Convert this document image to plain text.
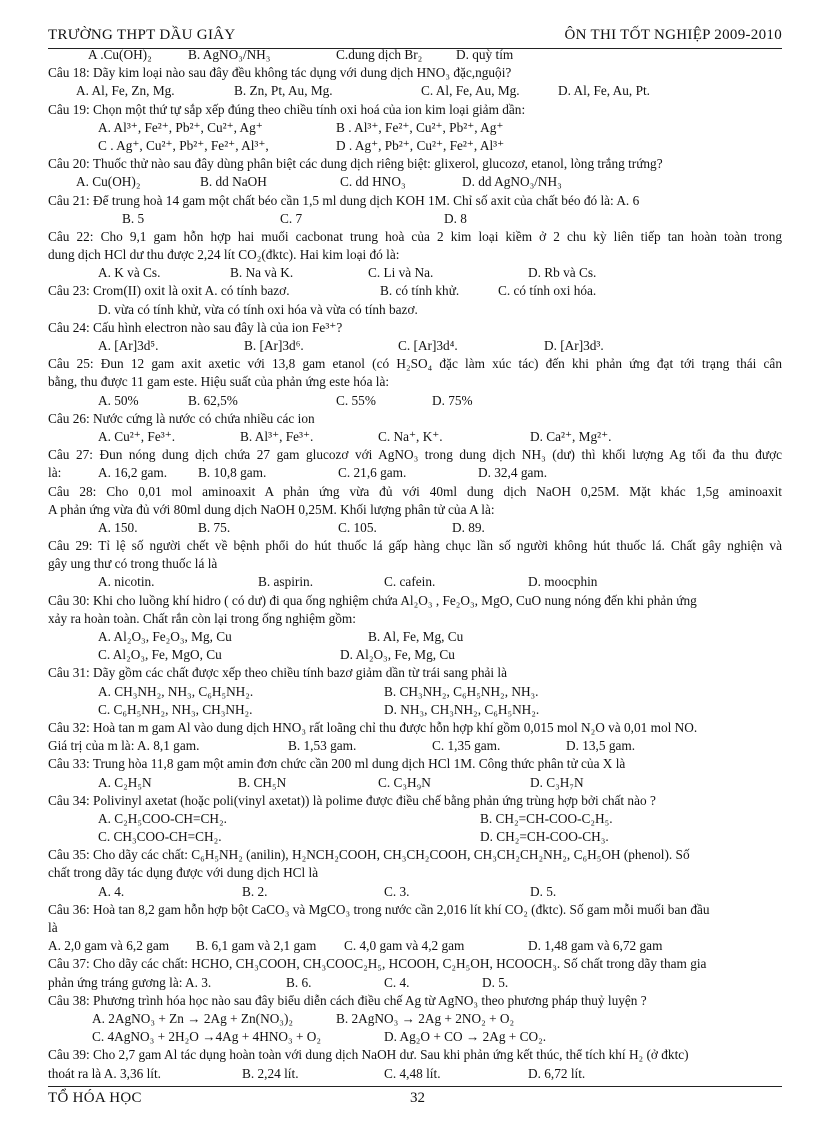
TRƯỜNG THPT DẦU GIÂY	ÔN THI TỐT NGHIỆP 2009-2010
A .Cu(OH)₂	B. AgNO₃/NH₃	C.dung dịch Br₂	D. quỳ tím
Câu 18: Dãy kim loại nào sau đây đều không tác dụng với dung dịch HNO₃ đặc,nguội?
A. Al, Fe, Zn, Mg.	B. Zn, Pt, Au, Mg.	C. Al, Fe, Au, Mg.	D. Al, Fe, Au, Pt.
Câu 19: Chọn một thứ tự sắp xếp đúng theo chiều tính oxi hoá của ion kim loại giảm dần:
A. Al³⁺, Fe²⁺, Pb²⁺, Cu²⁺, Ag⁺	B . Al³⁺, Fe²⁺, Cu²⁺, Pb²⁺, Ag⁺
C . Ag⁺, Cu²⁺, Pb²⁺, Fe²⁺, Al³⁺,	D . Ag⁺, Pb²⁺, Cu²⁺, Fe²⁺, Al³⁺
Câu 20: Thuốc thử nào sau đây dùng phân biệt các dung dịch riêng biệt: glixerol, glucozơ, etanol, lòng trắng trứng?
A. Cu(OH)₂	B. dd NaOH	C. dd HNO₃	D. dd AgNO₃/NH₃
Câu 21: Để trung hoà 14 gam một chất béo cần 1,5 ml dung dịch KOH 1M. Chỉ số axit của chất béo đó là: A. 6
B. 5	C. 7	D. 8
Câu 22: Cho 9,1 gam hỗn hợp hai muối cacbonat trung hoà của 2 kim loại kiềm ở 2 chu kỳ liên tiếp tan hoàn toàn trong
dung dịch HCl dư thu được 2,24 lít CO₂(đktc). Hai kim loại đó là:
A. K và Cs.	B. Na và K.	C. Li và Na.	D. Rb và Cs.
Câu 23: Crom(II) oxit là oxit A. có tính bazơ.	B. có tính khử.	C. có tính oxi hóa.
D. vừa có tính khử, vừa có tính oxi hóa và vừa có tính bazơ.
Câu 24: Cấu hình electron nào sau đây là của ion Fe³⁺?
A. [Ar]3d⁵.	B. [Ar]3d⁶.	C. [Ar]3d⁴.	D. [Ar]3d³.
Câu 25: Đun 12 gam axit axetic với 13,8 gam etanol (có H₂SO₄ đặc làm xúc tác) đến khi phản ứng đạt tới trạng thái cân
bằng, thu được 11 gam este. Hiệu suất của phản ứng este hóa là:
A. 50%	B. 62,5%	C. 55%	D. 75%
Câu 26: Nước cứng là nước có chứa nhiều các ion
A. Cu²⁺, Fe³⁺.	B. Al³⁺, Fe³⁺.	C. Na⁺, K⁺.	D. Ca²⁺, Mg²⁺.
Câu 27: Đun nóng dung dịch chứa 27 gam glucozơ với AgNO₃ trong dung dịch NH₃ (dư) thì khối lượng Ag tối đa thu được
là:	A. 16,2 gam. B. 10,8 gam.	C. 21,6 gam.	D. 32,4 gam.
Câu 28: Cho 0,01 mol aminoaxit A phản ứng vừa đủ với 40ml dung dịch NaOH 0,25M. Mặt khác 1,5g aminoaxit
A phản ứng vừa đủ với 80ml dung dịch NaOH 0,25M. Khối lượng phân tử của A là:
A. 150.	B. 75.	C. 105.	D. 89.
Câu 29: Tỉ lệ số người chết về bệnh phổi do hút thuốc lá gấp hàng chục lần số người không hút thuốc lá. Chất gây nghiện và
gây ung thư có trong thuốc lá là
A. nicotin.	B. aspirin.	C. cafein.	D. moocphin
Câu 30: Khi cho luồng khí hidro ( có dư) đi qua ống nghiệm chứa Al₂O₃ , Fe₂O₃, MgO, CuO nung nóng đến khi phản ứng
xảy ra hoàn toàn. Chất rắn còn lại trong ống nghiệm gồm:
A. Al₂O₃, Fe₂O₃, Mg, Cu	B. Al, Fe, Mg, Cu
C. Al₂O₃, Fe, MgO, Cu	D. Al₂O₃, Fe, Mg, Cu
Câu 31: Dãy gồm các chất được xếp theo chiều tính bazơ giảm dần từ trái sang phải là
A. CH₃NH₂, NH₃, C₆H₅NH₂.	B. CH₃NH₂, C₆H₅NH₂, NH₃.
C. C₆H₅NH₂, NH₃, CH₃NH₂.	D. NH₃, CH₃NH₂, C₆H₅NH₂.
Câu 32: Hoà tan m gam Al vào dung dịch HNO₃ rất loãng chỉ thu được hỗn hợp khí gồm 0,015 mol N₂O và 0,01 mol NO.
Giá trị của m là: A. 8,1 gam.	B. 1,53 gam.	C. 1,35 gam.	D. 13,5 gam.
Câu 33: Trung hòa 11,8 gam một amin đơn chức cần 200 ml dung dịch HCl 1M. Công thức phân tử của X là
A. C₂H₅N	B. CH₅N	C. C₃H₉N	D. C₃H₇N
Câu 34: Polivinyl axetat (hoặc poli(vinyl axetat)) là polime được điều chế bằng phản ứng trùng hợp bởi chất nào ?
A. C₂H₅COO-CH=CH₂.	B. CH₂=CH-COO-C₂H₅.
C. CH₃COO-CH=CH₂.	D. CH₂=CH-COO-CH₃.
Câu 35: Cho dãy các chất: C₆H₅NH₂ (anilin), H₂NCH₂COOH, CH₃CH₂COOH, CH₃CH₂CH₂NH₂, C₆H₅OH (phenol). Số
chất trong dãy tác dụng được với dung dịch HCl là
A. 4.	B. 2.	C. 3.	D. 5.
Câu 36: Hoà tan 8,2 gam hỗn hợp bột CaCO₃ và MgCO₃ trong nước cần 2,016 lít khí CO₂ (đktc). Số gam mỗi muối ban đầu
là
A. 2,0 gam và 6,2 gam B. 6,1 gam và 2,1 gam C. 4,0 gam và 4,2 gam	D. 1,48 gam và 6,72 gam
Câu 37: Cho dãy các chất: HCHO, CH₃COOH, CH₃COOC₂H₅, HCOOH, C₂H₅OH, HCOOCH₃. Số chất trong dãy tham gia
phản ứng tráng gương là: A. 3.	B. 6.	C. 4.	D. 5.
Câu 38: Phương trình hóa học nào sau đây biểu diễn cách điều chế Ag từ AgNO₃ theo phương pháp thuỷ luyện ?
A. 2AgNO₃ + Zn → 2Ag + Zn(NO₃)₂	B. 2AgNO₃ → 2Ag + 2NO₂ + O₂
C. 4AgNO₃ + 2H₂O →4Ag + 4HNO₃ + O₂	D. Ag₂O + CO → 2Ag + CO₂.
Câu 39: Cho 2,7 gam Al tác dụng hoàn toàn với dung dịch NaOH dư. Sau khi phản ứng kết thúc, thể tích khí H₂ (ở đktc)
thoát ra là A. 3,36 lít.	B. 2,24 lít.	C. 4,48 lít.	D. 6,72 lít.
TỔ HÓA HỌC	32
